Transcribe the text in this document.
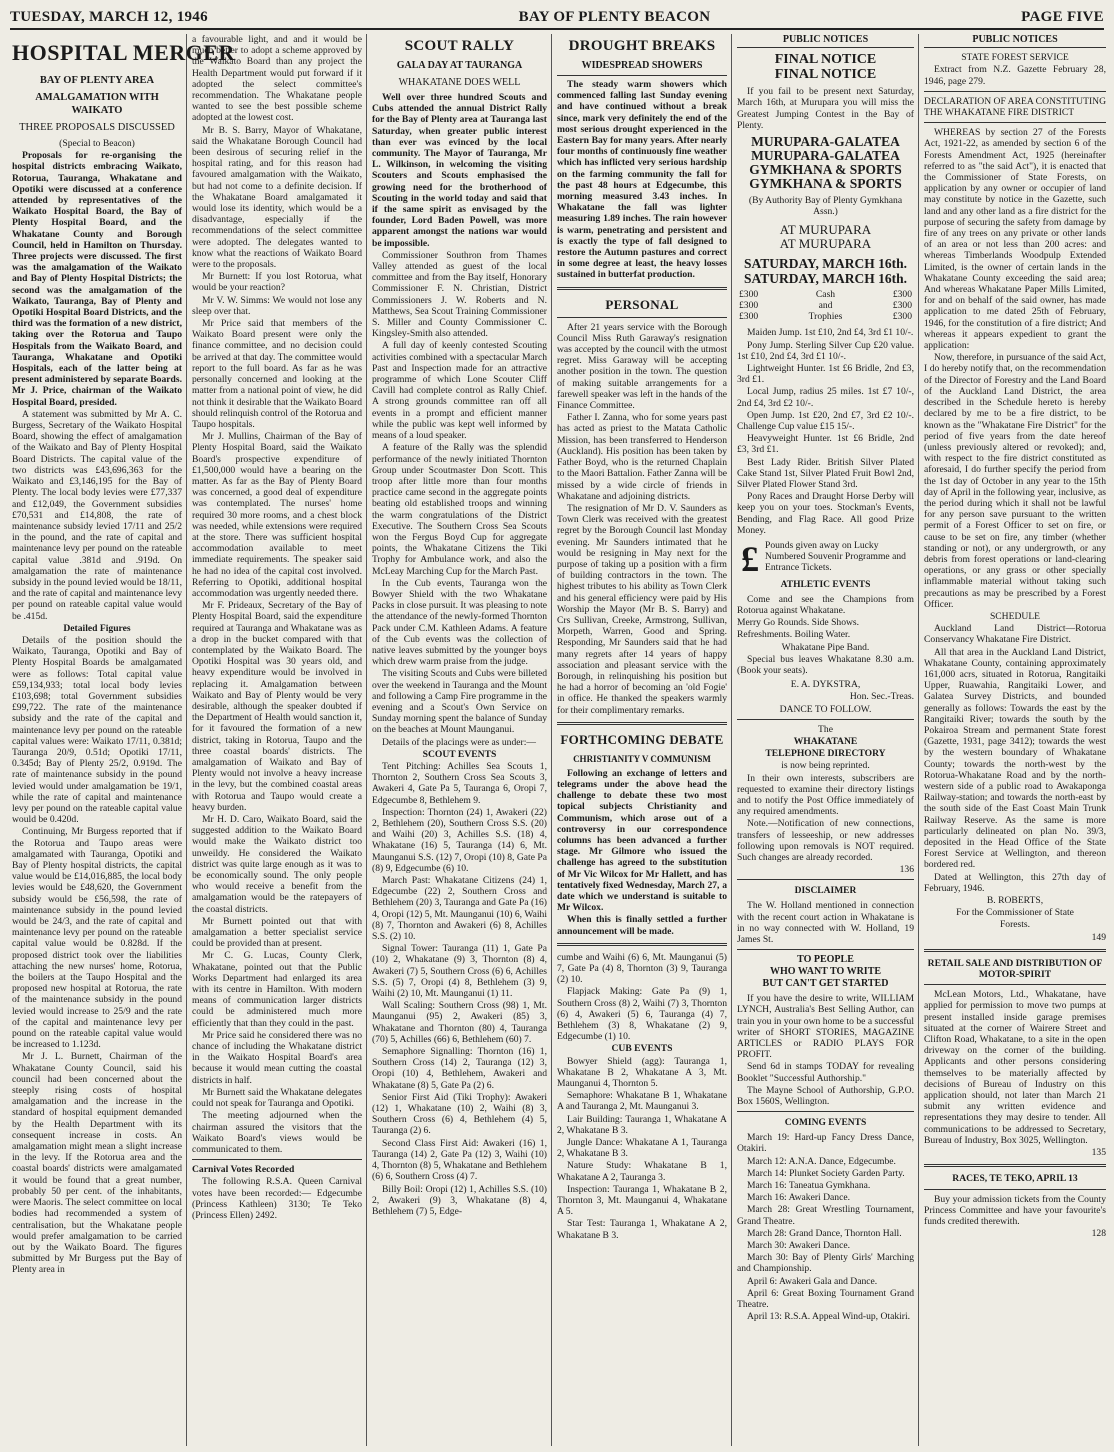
TUESDAY, MARCH 12, 1946	BAY OF PLENTY BEACON	PAGE FIVE
HOSPITAL MERGER
BAY OF PLENTY AREA
AMALGAMATION WITH WAIKATO
THREE PROPOSALS DISCUSSED

(Special to Beacon)

Proposals for re-organising the hospital districts embracing Waikato, Rotorua, Tauranga, Whakatane and Opotiki were discussed at a conference attended by representatives of the Waikato Hospital Board, the Bay of Plenty Hospital Board, and the Whakatane County and Borough Council, held in Hamilton on Thursday. Three projects were discussed. The first was the amalgamation of the Waikato and Bay of Plenty Hospital Districts; the second was the amalgamation of the Waikato, Tauranga, Bay of Plenty and Opotiki Hospital Board Districts, and the third was the formation of a new district, taking over the Rotorua and Taupo Hospitals from the Waikato Board, and Tauranga, Whakatane and Opotiki Hospitals, each of the latter being at present administered by separate Boards. Mr J. Price, chairman of the Waikato Hospital Board, presided.

A statement was submitted by Mr A. C. Burgess, Secretary of the Waikato Hospital Board, showing the effect of amalgamation of the Waikato and Bay of Plenty Hospital Board Districts. The capital value of the two districts was £43,696,363 for the Waikato and £3,146,195 for the Bay of Plenty. The local body levies were £77,337 and £12,049, the Government subsidies £70,531 and £14,808, the rate of maintenance subsidy levied 17/11 and 25/2 in the pound, and the rate of capital and maintenance levy per pound on the rateable capital value .381d and .919d. On amalgamation the rate of maintenance subsidy in the pound levied would be 18/11, and the rate of capital and maintenance levy per pound on rateable capital value would be .415d.

Detailed Figures

Details of the position should the Waikato, Tauranga, Opotiki and Bay of Plenty Hospital Boards be amalgamated were as follows: Total capital value £59,134,933; total local body levies £103,698; total Government subsidies £99,722. The rate of the maintenance subsidy and the rate of the capital and maintenance levy per pound on the rateable capital values were: Waikato 17/11, 0.381d; Tauranga 20/9, 0.51d; Opotiki 17/11, 0.345d; Bay of Plenty 25/2, 0.919d. The rate of maintenance subsidy in the pound levied would under amalgamation be 19/1, while the rate of capital and maintenance levy per pound on the rateable capital value would be 0.420d.

Continuing, Mr Burgess reported that if the Rotorua and Taupo areas were amalgamated with Tauranga, Opotiki and Bay of Plenty hospital districts, the capital value would be £14,016,885, the local body levies would be £48,620, the Government subsidy would be £56,598, the rate of maintenance subsidy in the pound levied would be 24/3, and the rate of capital and maintenance levy per pound on the rateable capital value would be 0.828d. If the proposed district took over the liabilities attaching the new nurses' home, Rotorua, the boilers at the Taupo Hospital and the proposed new hospital at Rotorua, the rate of the maintenance subsidy in the pound levied would increase to 25/9 and the rate of the capital and maintenance levy per pound on the rateable capital value would be increased to 1.123d.

Mr J. L. Burnett, Chairman of the Whakatane County Council, said his council had been concerned about the steeply rising costs of hospital amalgamation and the increase in the standard of hospital equipment demanded by the Health Department with its consequent increase in costs. An amalgamation might mean a slight increase in the levy. If the Rotorua area and the coastal boards' districts were amalgamated it would be found that a great number, probably 50 per cent. of the inhabitants, were Maoris. The select committee on local bodies had recommended a system of centralisation, but the Whakatane people would prefer amalgamation to be carried out by the Waikato Board. The figures submitted by Mr Burgess put the Bay of Plenty area in

a favourable light, and and it would be much better to adopt a scheme approved by the Waikato Board than any project the Health Department would put forward if it adopted the select committee's recommendation. The Whakatane people wanted to see the best possible scheme adopted at the lowest cost.

Mr B. S. Barry, Mayor of Whakatane, said the Whakatane Borough Council had been desirous of securing relief in the hospital rating, and for this reason had favoured amalgamation with the Waikato, but had not come to a definite decision. If the Whakatane Board amalgamated it would lose its identity, which would be a disadvantage, especially if the recommendations of the select committee were adopted. The delegates wanted to know what the reactions of Waikato Board were to the proposals.

Mr Burnett: If you lost Rotorua, what would be your reaction?

Mr V. W. Simms: We would not lose any sleep over that.

Mr Price said that members of the Waikato Board present were only the finance committee, and no decision could be arrived at that day. The committee would report to the full board. As far as he was personally concerned and looking at the matter from a national point of view, he did not think it desirable that the Waikato Board should relinquish control of the Rotorua and Taupo hospitals.

Mr J. Mullins, Chairman of the Bay of Plenty Hospital Board, said the Waikato Board's prospective expenditure of £1,500,000 would have a bearing on the matter. As far as the Bay of Plenty Board was concerned, a good deal of expenditure was contemplated. The nurses' home required 30 more rooms, and a chest block was needed, while extensions were required at the store. There was sufficient hospital accommodation available to meet immediate requirements. The speaker said he had no idea of the capital cost involved. Referring to Opotiki, additional hospital accommodation was urgently needed there.

Mr F. Prideaux, Secretary of the Bay of Plenty Hospital Board, said the expenditure required at Tauranga and Whakatane was as a drop in the bucket compared with that contemplated by the Waikato Board. The Opotiki Hospital was 30 years old, and heavy expenditure would be involved in replacing it. Amalgamation between Waikato and Bay of Plenty would be very desirable, although the speaker doubted if the Department of Health would sanction it, for it favoured the formation of a new district, taking in Rotorua, Taupo and the three coastal boards' districts. The amalgamation of Waikato and Bay of Plenty would not involve a heavy increase in the levy, but the combined coastal areas with Rotorua and Taupo would create a heavy burden.

Mr H. D. Caro, Waikato Board, said the suggested addition to the Waikato Board would make the Waikato district too unweildy. He considered the Waikato district was quite large enough as it was to be economically sound. The only people who would receive a benefit from the amalgamation would be the ratepayers of the coastal districts.

Mr Burnett pointed out that with amalgamation a better specialist service could be provided than at present.

Mr C. G. Lucas, County Clerk, Whakatane, pointed out that the Public Works Department had enlarged its area with its centre in Hamilton. With modern means of communication larger districts could be administered much more efficiently that than they could in the past.

Mr Price said he considered there was no chance of including the Whakatane district in the Waikato Hospital Board's area because it would mean cutting the coastal districts in half.

Mr Burnett said the Whakatane delegates could not speak for Tauranga and Opotiki.

The meeting adjourned when the chairman assured the visitors that the Waikato Board's views would be communicated to them.

Carnival Votes Recorded

The following R.S.A. Queen Carnival votes have been recorded:— Edgecumbe (Princess Kathleen) 3130; Te Teko (Princess Ellen) 2492.

SCOUT RALLY
GALA DAY AT TAURANGA
WHAKATANE DOES WELL

Well over three hundred Scouts and Cubs attended the annual District Rally for the Bay of Plenty area at Tauranga last Saturday, when greater public interest than ever was evinced by the local community. The Mayor of Tauranga, Mr L. Wilkinson, in welcoming the visiting Scouters and Scouts emphasised the growing need for the brotherhood of Scouting in the world today and said that if the same spirit as envisaged by the founder, Lord Baden Powell, was more apparent amongst the nations war would be impossible.

Commissioner Southron from Thames Valley attended as guest of the local committee and from the Bay itself, Honorary Commissioner F. N. Christian, District Commissioners J. W. Roberts and N. Matthews, Sea Scout Training Commissioner S. Miller and County Commissioner C. Kingsley-Smith also attended.

A full day of keenly contested Scouting activities combined with a spectacular March Past and Inspection made for an attractive programme of which Lone Scouter Cliff Cavill had complete control as Rally Chief. A strong grounds committee ran off all events in a prompt and efficient manner while the public was kept well informed by means of a loud speaker.

A feature of the Rally was the splendid performance of the newly initiated Thornton Group under Scoutmaster Don Scott. This troop after little more than four months practice came second in the aggregate points beating old established troops and winning the warm congratulations of the District Executive. The Southern Cross Sea Scouts won the Fergus Boyd Cup for aggregate points, the Whakatane Citizens the Tiki Trophy for Ambulance work, and also the McLeay Marching Cup for the March Past.

In the Cub events, Tauranga won the Bowyer Shield with the two Whakatane Packs in close pursuit. It was pleasing to note the attendance of the newly-formed Thornton Pack under C.M. Kathleen Adams. A feature of the Cub events was the collection of native leaves submitted by the younger boys which drew warm praise from the judge.

The visiting Scouts and Cubs were billeted over the weekend in Tauranga and the Mount and following a Camp Fire programme in the evening and a Scout's Own Service on Sunday morning spent the balance of Sunday on the beaches at Mount Maunganui.

Details of the placings were as under:—

SCOUT EVENTS

Tent Pitching: Achilles Sea Scouts 1, Thornton 2, Southern Cross Sea Scouts 3, Awakeri 4, Gate Pa 5, Tauranga 6, Oropi 7, Edgecumbe 8, Bethlehem 9.

Inspection: Thornton (24) 1, Awakeri (22) 2, Bethlehem (20), Southern Cross S.S. (20) and Waihi (20) 3, Achilles S.S. (18) 4, Whakatane (16) 5, Tauranga (14) 6, Mt. Maunganui S.S. (12) 7, Oropi (10) 8, Gate Pa (8) 9, Edgecumbe (6) 10.

March Past: Whakatane Citizens (24) 1, Edgecumbe (22) 2, Southern Cross and Bethlehem (20) 3, Tauranga and Gate Pa (16) 4, Oropi (12) 5, Mt. Maunganui (10) 6, Waihi (8) 7, Thornton and Awakeri (6) 8, Achilles S.S. (2) 10.

Signal Tower: Tauranga (11) 1, Gate Pa (10) 2, Whakatane (9) 3, Thornton (8) 4, Awakeri (7) 5, Southern Cross (6) 6, Achilles S.S. (5) 7, Oropi (4) 8, Bethlehem (3) 9, Waihi (2) 10, Mt. Maunganui (1) 11.

Wall Scaling: Southern Cross (98) 1, Mt. Maunganui (95) 2, Awakeri (85) 3, Whakatane and Thornton (80) 4, Tauranga (70) 5, Achilles (66) 6, Bethlehem (60) 7.

Semaphore Signalling: Thornton (16) 1, Southern Cross (14) 2, Tauranga (12) 3, Oropi (10) 4, Bethlehem, Awakeri and Whakatane (8) 5, Gate Pa (2) 6.

Senior First Aid (Tiki Trophy): Awakeri (12) 1, Whakatane (10) 2, Waihi (8) 3, Southern Cross (6) 4, Bethlehem (4) 5, Tauranga (2) 6.

Second Class First Aid: Awakeri (16) 1, Tauranga (14) 2, Gate Pa (12) 3, Waihi (10) 4, Thornton (8) 5, Whakatane and Bethlehem (6) 6, Southern Cross (4) 7.

Billy Boil: Oropi (12) 1, Achilles S.S. (10) 2, Awakeri (9) 3, Whakatane (8) 4, Bethlehem (7) 5, Edge-

DROUGHT BREAKS
WIDESPREAD SHOWERS

The steady warm showers which commenced falling last Sunday evening and have continued without a break since, mark very definitely the end of the most serious drought experienced in the Eastern Bay for many years. After nearly four months of continuously fine weather which has inflicted very serious hardship on the farming community the fall for the past 48 hours at Edgecumbe, this morning measured 3.43 inches. In Whakatane the fall was lighter measuring 1.89 inches. The rain however is warm, penetrating and persistent and is exactly the type of fall designed to restore the Autumn pastures and correct in some degree at least, the heavy losses sustained in butterfat production.

PERSONAL

After 21 years service with the Borough Council Miss Ruth Garaway's resignation was accepted by the council with the utmost regret. Miss Garaway will be accepting another position in the town. The question of making suitable arrangements for a farewell speaker was left in the hands of the Finance Committee.

Father I. Zanna, who for some years past has acted as priest to the Matata Catholic Mission, has been transferred to Henderson (Auckland). His position has been taken by Father Boyd, who is the returned Chaplain to the Maori Battalion. Father Zanna will be missed by a wide circle of friends in Whakatane and adjoining districts.

The resignation of Mr D. V. Saunders as Town Clerk was received with the greatest regret by the Borough Council last Monday evening. Mr Saunders intimated that he would be resigning in May next for the purpose of taking up a position with a firm of building contractors in the town. The highest tributes to his ability as Town Clerk and his general efficiency were paid by His Worship the Mayor (Mr B. S. Barry) and Crs Sullivan, Creeke, Armstrong, Sullivan, Morpeth, Warren, Good and Spring. Responding, Mr Saunders said that he had many regrets after 14 years of happy association and pleasant service with the Borough, in relinquishing his position but he had a horror of becoming an 'old Fogie' in office. He thanked the speakers warmly for their complimentary remarks.

FORTHCOMING DEBATE
CHRISTIANITY V COMMUNISM

Following an exchange of letters and telegrams under the above head the challenge to debate these two most topical subjects Christianity and Communism, which arose out of a controversy in our correspondence columns has been advanced a further stage. Mr Gilmore who issued the challenge has agreed to the substitution of Mr Vic Wilcox for Mr Hallett, and has tentatively fixed Wednesday, March 27, a date which we understand is suitable to Mr Wilcox.

When this is finally settled a further announcement will be made.

cumbe and Waihi (6) 6, Mt. Maunganui (5) 7, Gate Pa (4) 8, Thornton (3) 9, Tauranga (2) 10.

Flapjack Making: Gate Pa (9) 1, Southern Cross (8) 2, Waihi (7) 3, Thornton (6) 4, Awakeri (5) 6, Tauranga (4) 7, Bethlehem (3) 8, Whakatane (2) 9, Edgecumbe (1) 10.

CUB EVENTS

Bowyer Shield (agg): Tauranga 1, Whakatane B 2, Whakatane A 3, Mt. Maunganui 4, Thornton 5.

Semaphore: Whakatane B 1, Whakatane A and Tauranga 2, Mt. Maunganui 3.

Lair Building: Tauranga 1, Whakatane A 2, Whakatane B 3.

Jungle Dance: Whakatane A 1, Tauranga 2, Whakatane B 3.

Nature Study: Whakatane B 1, Whakatane A 2, Tauranga 3.

Inspection: Tauranga 1, Whakatane B 2, Thornton 3, Mt. Maunganui 4, Whakatane A 5.

Star Test: Tauranga 1, Whakatane A 2, Whakatane B 3.

PUBLIC NOTICES
FINAL NOTICE
FINAL NOTICE

If you fail to be present next Saturday, March 16th, at Murupara you will miss the Greatest Jumping Contest in the Bay of Plenty.

MURUPARA-GALATEA
MURUPARA-GALATEA
GYMKHANA & SPORTS
GYMKHANA & SPORTS

(By Authority Bay of Plenty Gymkhana Assn.)

AT MURUPARA
AT MURUPARA
SATURDAY, MARCH 16th.
SATURDAY, MARCH 16th.
£300	Cash	£300
£300	and	£300
£300	Trophies	£300

Maiden Jump. 1st £10, 2nd £4, 3rd £1 10/-.

Pony Jump. Sterling Silver Cup £20 value. 1st £10, 2nd £4, 3rd £1 10/-.

Lightweight Hunter. 1st £6 Bridle, 2nd £3, 3rd £1.

Local Jump, radius 25 miles. 1st £7 10/-, 2nd £4, 3rd £2 10/-.

Open Jump. 1st £20, 2nd £7, 3rd £2 10/-. Challenge Cup value £15 15/-.

Heavyweight Hunter. 1st £6 Bridle, 2nd £3, 3rd £1.

Best Lady Rider. British Silver Plated Cake Stand 1st, Silver Plated Fruit Bowl 2nd, Silver Plated Flower Stand 3rd.

Pony Races and Draught Horse Derby will keep you on your toes. Stockman's Events, Bending, and Flag Race. All good Prize Money.

£ Pounds given away on Lucky Numbered Souvenir Programme and Entrance Tickets.

ATHLETIC EVENTS

Come and see the Champions from Rotorua against Whakatane.

Merry Go Rounds. Side Shows.

Refreshments. Boiling Water.

Whakatane Pipe Band.

Special bus leaves Whakatane 8.30 a.m. (Book your seats).

E. A. DYKSTRA,

Hon. Sec.-Treas.

DANCE TO FOLLOW.

The

WHAKATANE

TELEPHONE DIRECTORY

is now being reprinted.

In their own interests, subscribers are requested to examine their directory listings and to notify the Post Office immediately of any required amendments.

Note.—Notification of new connections, transfers of lesseeship, or new addresses following upon removals is NOT required. Such changes are already recorded.

136

DISCLAIMER

The W. Holland mentioned in connection with the recent court action in Whakatane is in no way connected with W. Holland, 19 James St.

TO PEOPLE
WHO WANT TO WRITE
BUT CAN'T GET STARTED

If you have the desire to write, WILLIAM LYNCH, Australia's Best Selling Author, can train you in your own home to be a successful writer of SHORT STORIES, MAGAZINE ARTICLES or RADIO PLAYS FOR PROFIT.

Send 6d in stamps TODAY for revealing Booklet "Successful Authorship."

The Mayne School of Authorship, G.P.O. Box 1560S, Wellington.

COMING EVENTS

March 19: Hard-up Fancy Dress Dance, Otakiri.

March 12: A.N.A. Dance, Edgecumbe.

March 14: Plunket Society Garden Party.

March 16: Taneatua Gymkhana.

March 16: Awakeri Dance.

March 28: Great Wrestling Tournament, Grand Theatre.

March 28: Grand Dance, Thornton Hall.

March 30: Awakeri Dance.

March 30: Bay of Plenty Girls' Marching and Championship.

April 6: Awakeri Gala and Dance.

April 6: Great Boxing Tournament Grand Theatre.

April 13: R.S.A. Appeal Wind-up, Otakiri.

PUBLIC NOTICES

STATE FOREST SERVICE

Extract from N.Z. Gazette February 28, 1946, page 279.

DECLARATION OF AREA CONSTITUTING THE WHAKATANE FIRE DISTRICT

WHEREAS by section 27 of the Forests Act, 1921-22, as amended by section 6 of the Forests Amendment Act, 1925 (hereinafter referred to as "the said Act"), it is enacted that the Commissioner of State Forests, on application by any owner or occupier of land may constitute by notice in the Gazette, such land and any other land as a fire district for the purpose of securing the safety from damage by fire of any trees on any private or other lands of an area or not less than 200 acres: and whereas Timberlands Woodpulp Extended Limited, is the owner of certain lands in the Whakatane County exceeding the said area; And whereas Whakatane Paper Mills Limited, for and on behalf of the said owner, has made application to me dated 25th of February, 1946, for the constitution of a fire district; And whereas it appears expedient to grant the application:

Now, therefore, in pursuance of the said Act, I do hereby notify that, on the recommendation of the Director of Forestry and the Land Board of the Auckland Land District, the area described in the Schedule hereto is hereby declared by me to be a fire district, to be known as the "Whakatane Fire District" for the period of five years from the date hereof (unless previously altered or revoked); and, with respect to the fire district constituted as aforesaid, I do further specify the period from the 1st day of October in any year to the 15th day of April in the following year, inclusive, as the period during which it shall not be lawful for any person save pursuant to the written permit of a Forest Officer to set on fire, or cause to be set on fire, any timber (whether standing or not), or any undergrowth, or any debris from forest operations or land-clearing operations, or any grass or other specially inflammable material without taking such precautions as may be prescribed by a Forest Officer.

SCHEDULE

Auckland Land District—Rotorua Conservancy Whakatane Fire District.

All that area in the Auckland Land District, Whakatane County, containing approximately 161,000 acrs, situated in Rotorua, Rangitaiki Upper, Ruawahia, Rangitaiki Lower, and Galatea Survey Districts, and bounded generally as follows: Towards the east by the Rangitaiki River; towards the south by the Pokairoa Stream and permanent State forest (Gazette, 1931, page 3412); towards the west by the western boundary of Whakatane County; towards the north-west by the Rotorua-Whakatane Road and by the north-western side of a public road to Awakaponga Railway-station; and towards the north-east by the south side of the East Coast Main Trunk Railway Reserve. As the same is more particularly delineated on plan No. 39/3, deposited in the Head Office of the State Forest Service at Wellington, and thereon bordered red.

Dated at Wellington, this 27th day of February, 1946.

B. ROBERTS,

For the Commissioner of State

Forests.

149

RETAIL SALE AND DISTRIBUTION OF MOTOR-SPIRIT

McLean Motors, Ltd., Whakatane, have applied for permission to move two pumps at present installed inside garage premises situated at the corner of Wairere Street and Clifton Road, Whakatane, to a site in the open driveway on the corner of the building. Applicants and other persons considering themselves to be materially affected by decisions of Bureau of Industry on this application should, not later than March 21 submit any written evidence and representations they may desire to tender. All communications to be addressed to Secretary, Bureau of Industry, Box 3025, Wellington.

135

RACES, TE TEKO, APRIL 13

Buy your admission tickets from the County Princess Committee and have your favourite's funds credited therewith.

128
